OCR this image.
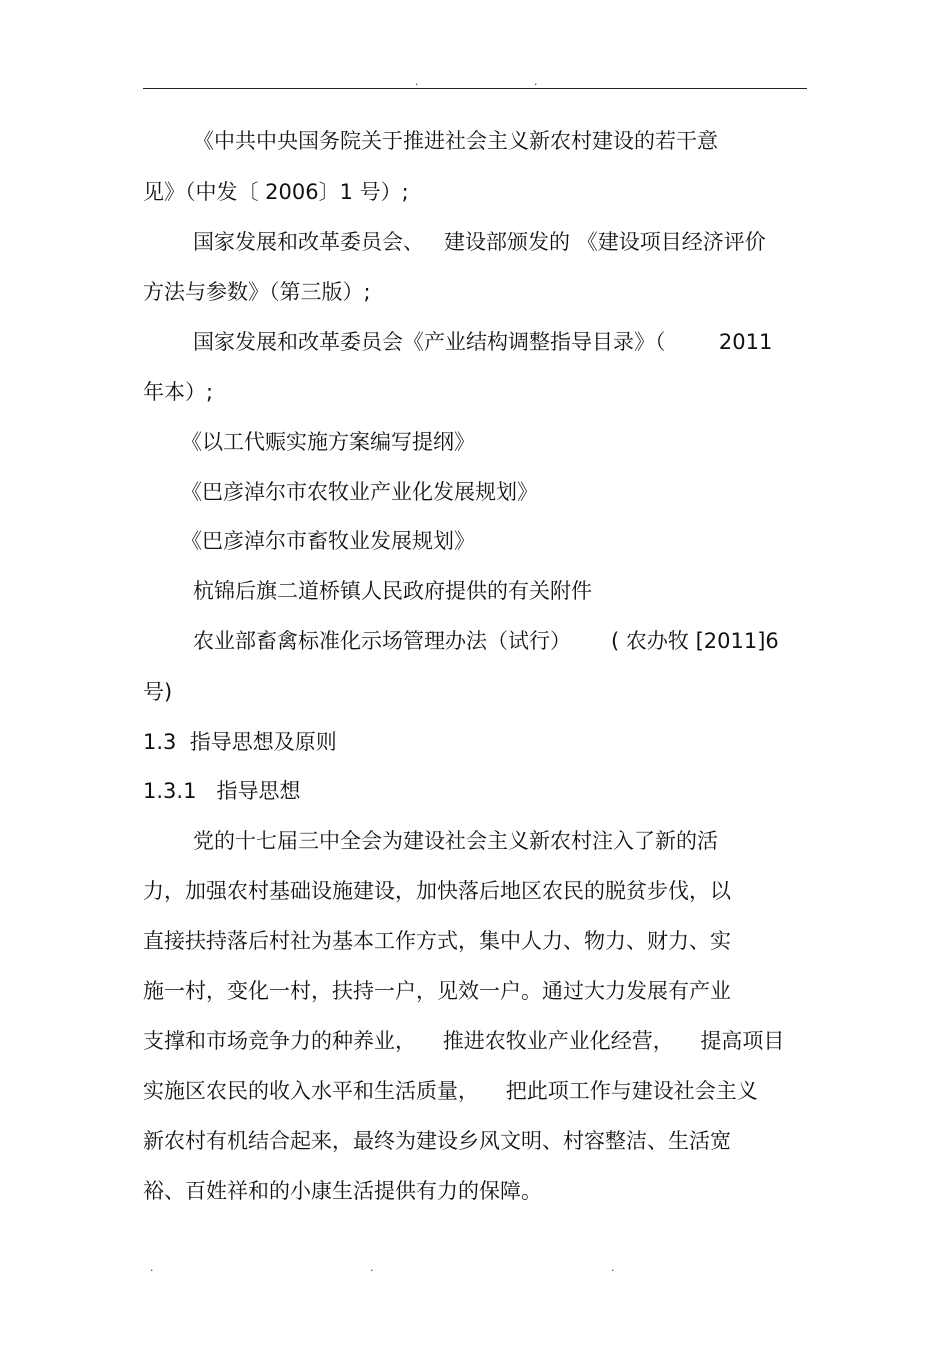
.	.
《中共中央国务院关于推进社会主义新农村建设的若干意
见》（中发〔 2006〕1 号）;
国家发展和改革委员会、   建设部颁发的 《建设项目经济评价
方法与参数》（第三版）;
国家发展和改革委员会《产业结构调整指导目录》（        2011
年本）;
《以工代赈实施方案编写提纲》
《巴彦淖尔市农牧业产业化发展规划》
《巴彦淖尔市畜牧业发展规划》
杭锦后旗二道桥镇人民政府提供的有关附件
农业部畜禽标准化示场管理办法（试行）      ( 农办牧 [2011]6
号)
1.3  指导思想及原则
1.3.1   指导思想
党的十七届三中全会为建设社会主义新农村注入了新的活
力，加强农村基础设施建设，加快落后地区农民的脱贫步伐，以
直接扶持落后村社为基本工作方式，集中人力、物力、财力、实
施一村，变化一村，扶持一户，见效一户。通过大力发展有产业
支撑和市场竞争力的种养业，    推进农牧业产业化经营，    提高项目
实施区农民的收入水平和生活质量，    把此项工作与建设社会主义
新农村有机结合起来，最终为建设乡风文明、村容整洁、生活宽
裕、百姓祥和的小康生活提供有力的保障。
.	.	.
